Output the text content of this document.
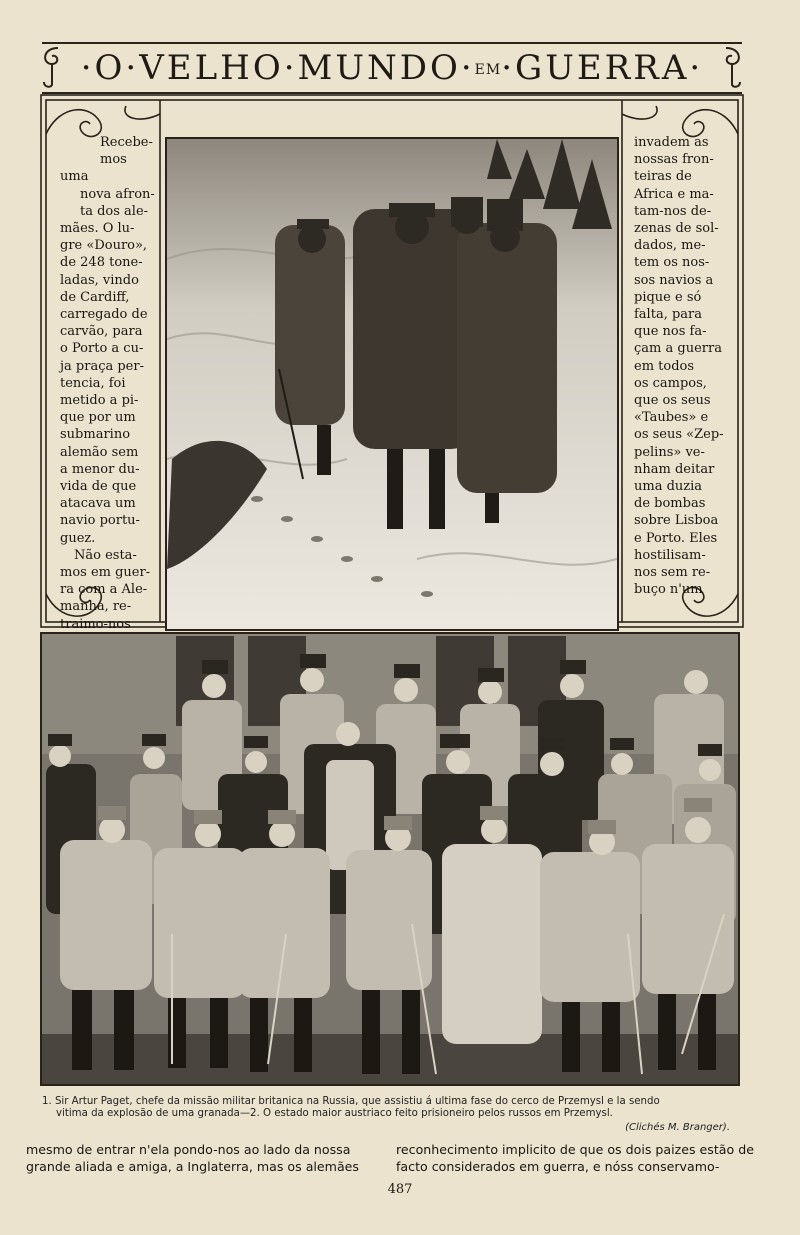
·O·VELHO·MUNDO·EM·GUERRA·

Recebe-

mos uma

nova afron-

ta dos ale-

mães. O lu-

gre «Douro»,

de 248 tone-

ladas, vindo

de Cardiff,

carregado de

carvão, para

o Porto a cu-

ja praça per-

tencia, foi

metido a pi-

que por um

submarino

alemão sem

a menor du-

vida de que

atacava um

navio portu-

guez.

Não esta-

mos em guer-

ra com a Ale-

manha, re-

traimo-nos

invadem as

nossas fron-

teiras de

Africa e ma-

tam-nos de-

zenas de sol-

dados, me-

tem os nos-

sos navios a

pique e só

falta, para

que nos fa-

çam a guerra

em todos

os campos,

que os seus

«Taubes» e

os seus «Zep-

pelins» ve-

nham deitar

uma duzia

de bombas

sobre Lisboa

e Porto. Eles

hostilisam-

nos sem re-

buço n'um

1. Sir Artur Paget, chefe da missão militar britanica na Russia, que assistiu á ultima fase do cerco de Przemysl e la sendo
vitima da explosão de uma granada—2. O estado maior austriaco feito prisioneiro pelos russos em Przemysl.
(Clichés M. Branger).
mesmo de entrar n'ela pondo-nos ao lado da nossa grande aliada e amiga, a Inglaterra, mas os alemães
reconhecimento implicito de que os dois paizes estão de facto considerados em guerra, e nóss conservamo-
487
